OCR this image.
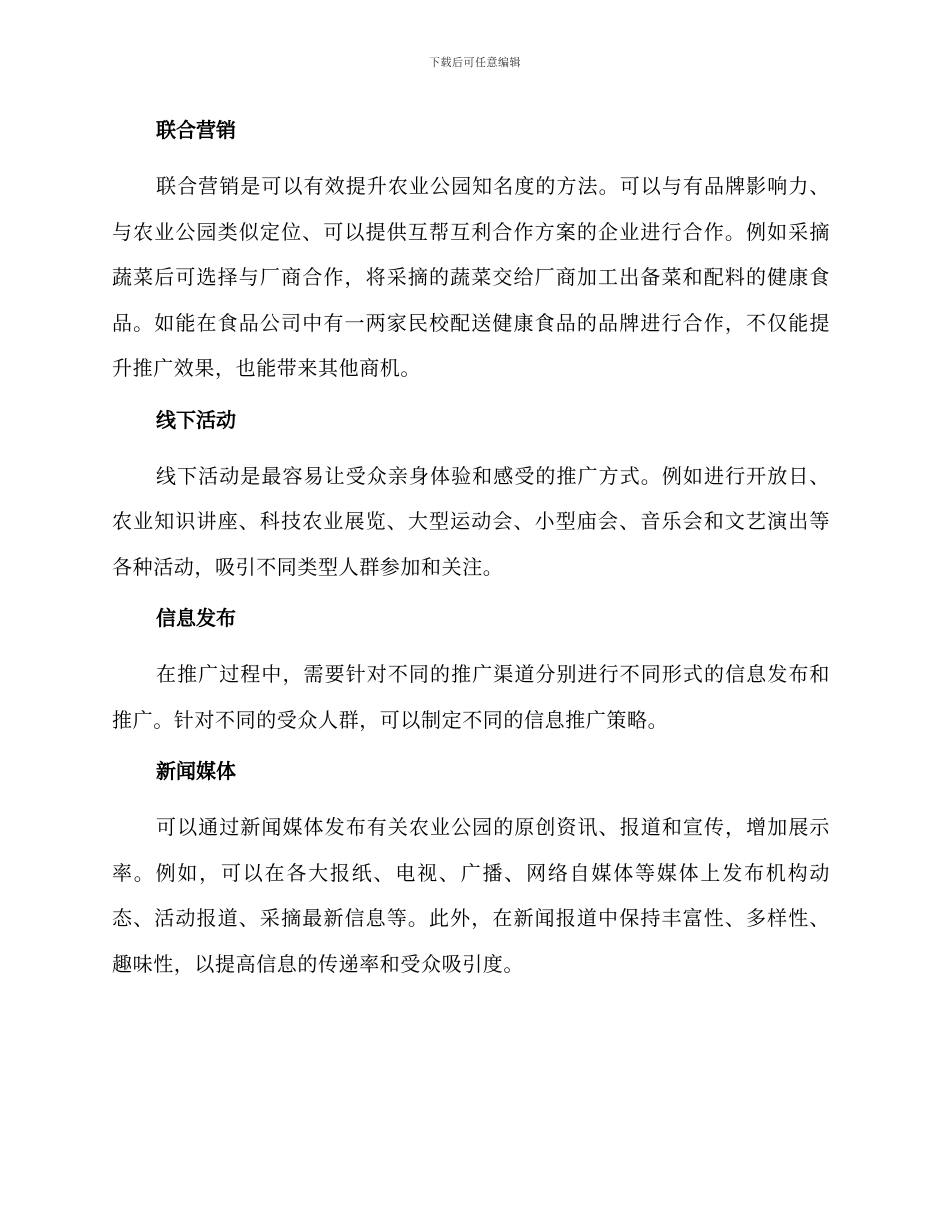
下载后可任意编辑
联合营销

联合营销是可以有效提升农业公园知名度的方法。可以与有品牌影响力、与农业公园类似定位、可以提供互帮互利合作方案的企业进行合作。例如采摘蔬菜后可选择与厂商合作，将采摘的蔬菜交给厂商加工出备菜和配料的健康食品。如能在食品公司中有一两家民校配送健康食品的品牌进行合作，不仅能提升推广效果，也能带来其他商机。

线下活动

线下活动是最容易让受众亲身体验和感受的推广方式。例如进行开放日、农业知识讲座、科技农业展览、大型运动会、小型庙会、音乐会和文艺演出等各种活动，吸引不同类型人群参加和关注。

信息发布

在推广过程中，需要针对不同的推广渠道分别进行不同形式的信息发布和推广。针对不同的受众人群，可以制定不同的信息推广策略。

新闻媒体

可以通过新闻媒体发布有关农业公园的原创资讯、报道和宣传，增加展示率。例如，可以在各大报纸、电视、广播、网络自媒体等媒体上发布机构动态、活动报道、采摘最新信息等。此外，在新闻报道中保持丰富性、多样性、趣味性，以提高信息的传递率和受众吸引度。
